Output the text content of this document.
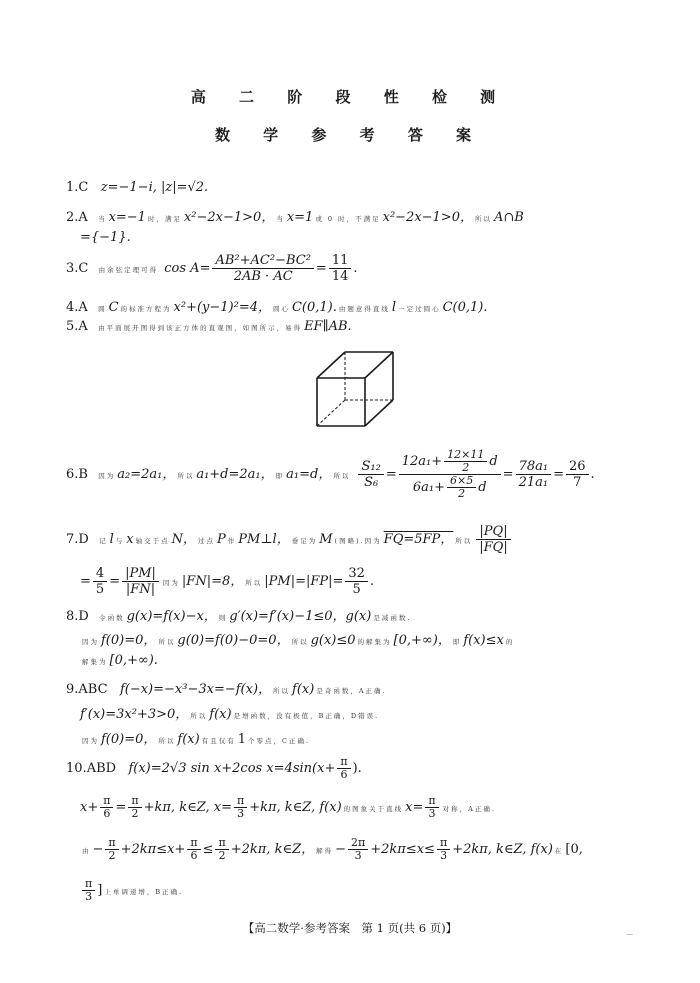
高 二 阶 段 性 检 测
数 学 参 考 答 案
1.C z=−1−i, |z|=√2.
2.A 当 x=−1 时，满足 x²−2x−1>0， 当 x=1 或 0 时，不满足 x²−2x−1>0， 所以 A∩B
={−1}.
3.C 由余弦定理可得 $\cos A= \frac{\text{AB²+AC²−BC²}}{2AB \cdot AC} = \frac{11}{14}$ .
4.A 圆 C 的标准方程为 x²+(y−1)²=4， 圆心 C(0,1). 由题意得直线 l 一定过圆心 C(0,1).
5.A 由平面展开图得到该正方体的直观图，如图所示，易得 EF∥AB.
6.B 因为 a₂=2a₁， 所以 a₁+d=2a₁， 即 a₁=d， 所以 $\frac{\text{S₁₂}}{\text{S₆}} = \frac{12a_1+ \frac{12\times 11}{2} d}{6a_1+ \frac{6\times 5}{2} d} = \frac{\text{78a₁}}{\text{21a₁}} = \frac{26}{7}$ .
7.D 记 l 与 x 轴交于点 N， 过点 P 作 PM⊥l， 垂足为 M (图略).因为 FQ=5FP， 所以 $\frac{|PQ|}{|FQ|}$
= $\frac{4}{5} = \frac{|PM|}{|FN|}$ 因为 |FN|=8， 所以 $|PM|=|FP|= \frac{32}{5}$ .
8.D 令函数 g(x)=f(x)−x， 则 g′(x)=f′(x)−1≤0，g(x) 是减函数.
因为 f(0)=0， 所以 g(0)=f(0)−0=0， 所以 g(x)≤0 的解集为 [0,+∞)， 即 f(x)≤x 的
解集为 [0,+∞).
9.ABC f(−x)=−x³−3x=−f(x)， 所以 f(x) 是奇函数，A正确.
f′(x)=3x²+3>0， 所以 f(x) 是增函数，没有极值，B正确，D错误.
因为 f(0)=0， 所以 f(x) 有且仅有 1 个零点，C正确.
10.ABD f(x)=2√3 sin x+2cos $x=4\sin(x+ \frac{\pi}{6}$ ).
$x+ \frac{\pi}{6} = \frac{\pi}{2} +k\pi$, k∈Z, $x= \frac{\pi}{3} +k\pi$, k∈Z, f(x) 的图象关于直线 $x= \frac{\pi}{3}$ 对称，A正确.
由 − $\frac{\pi}{2} +2k\pi\le x+ \frac{\pi}{6} \le \frac{\pi}{2} +2k\pi$, k∈Z， 解得 − $\frac{2\pi}{3} +2k\pi\le x\le \frac{\pi}{3} +2k\pi$, k∈Z, f(x) 在 [0,
$\frac{\pi}{3}$ ] 上单调递增，B正确.
【高二数学·参考答案　第 1 页(共 6 页)】	—
